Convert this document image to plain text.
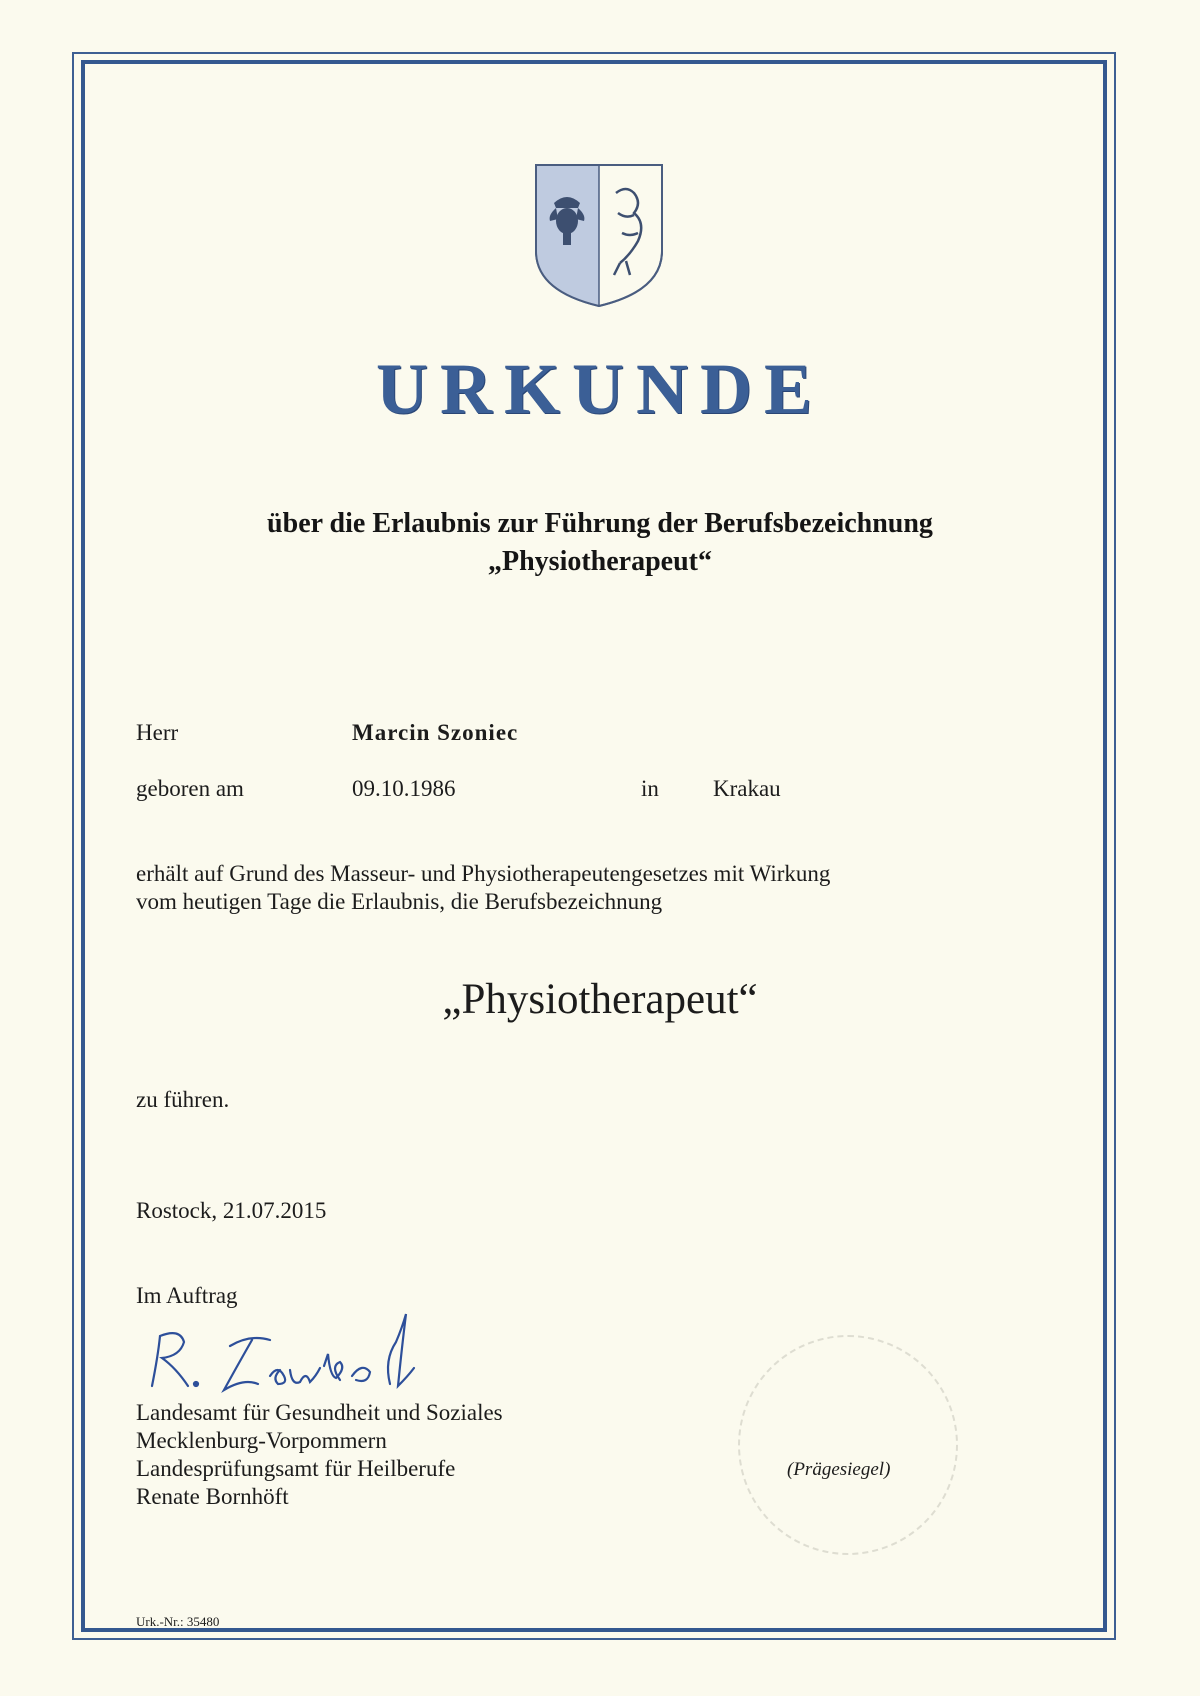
URKUNDE
über die Erlaubnis zur Führung der Berufsbezeichnung
„Physiotherapeut“
Herr	Marcin Szoniec
geboren am	09.10.1986	in Krakau
erhält auf Grund des Masseur- und Physiotherapeutengesetzes mit Wirkung
vom heutigen Tage die Erlaubnis, die Berufsbezeichnung
„Physiotherapeut“
zu führen.
Rostock, 21.07.2015
Im Auftrag
Landesamt für Gesundheit und Soziales
Mecklenburg-Vorpommern
Landesprüfungsamt für Heilberufe
Renate Bornhöft
(Prägesiegel)
Urk.-Nr.: 35480
